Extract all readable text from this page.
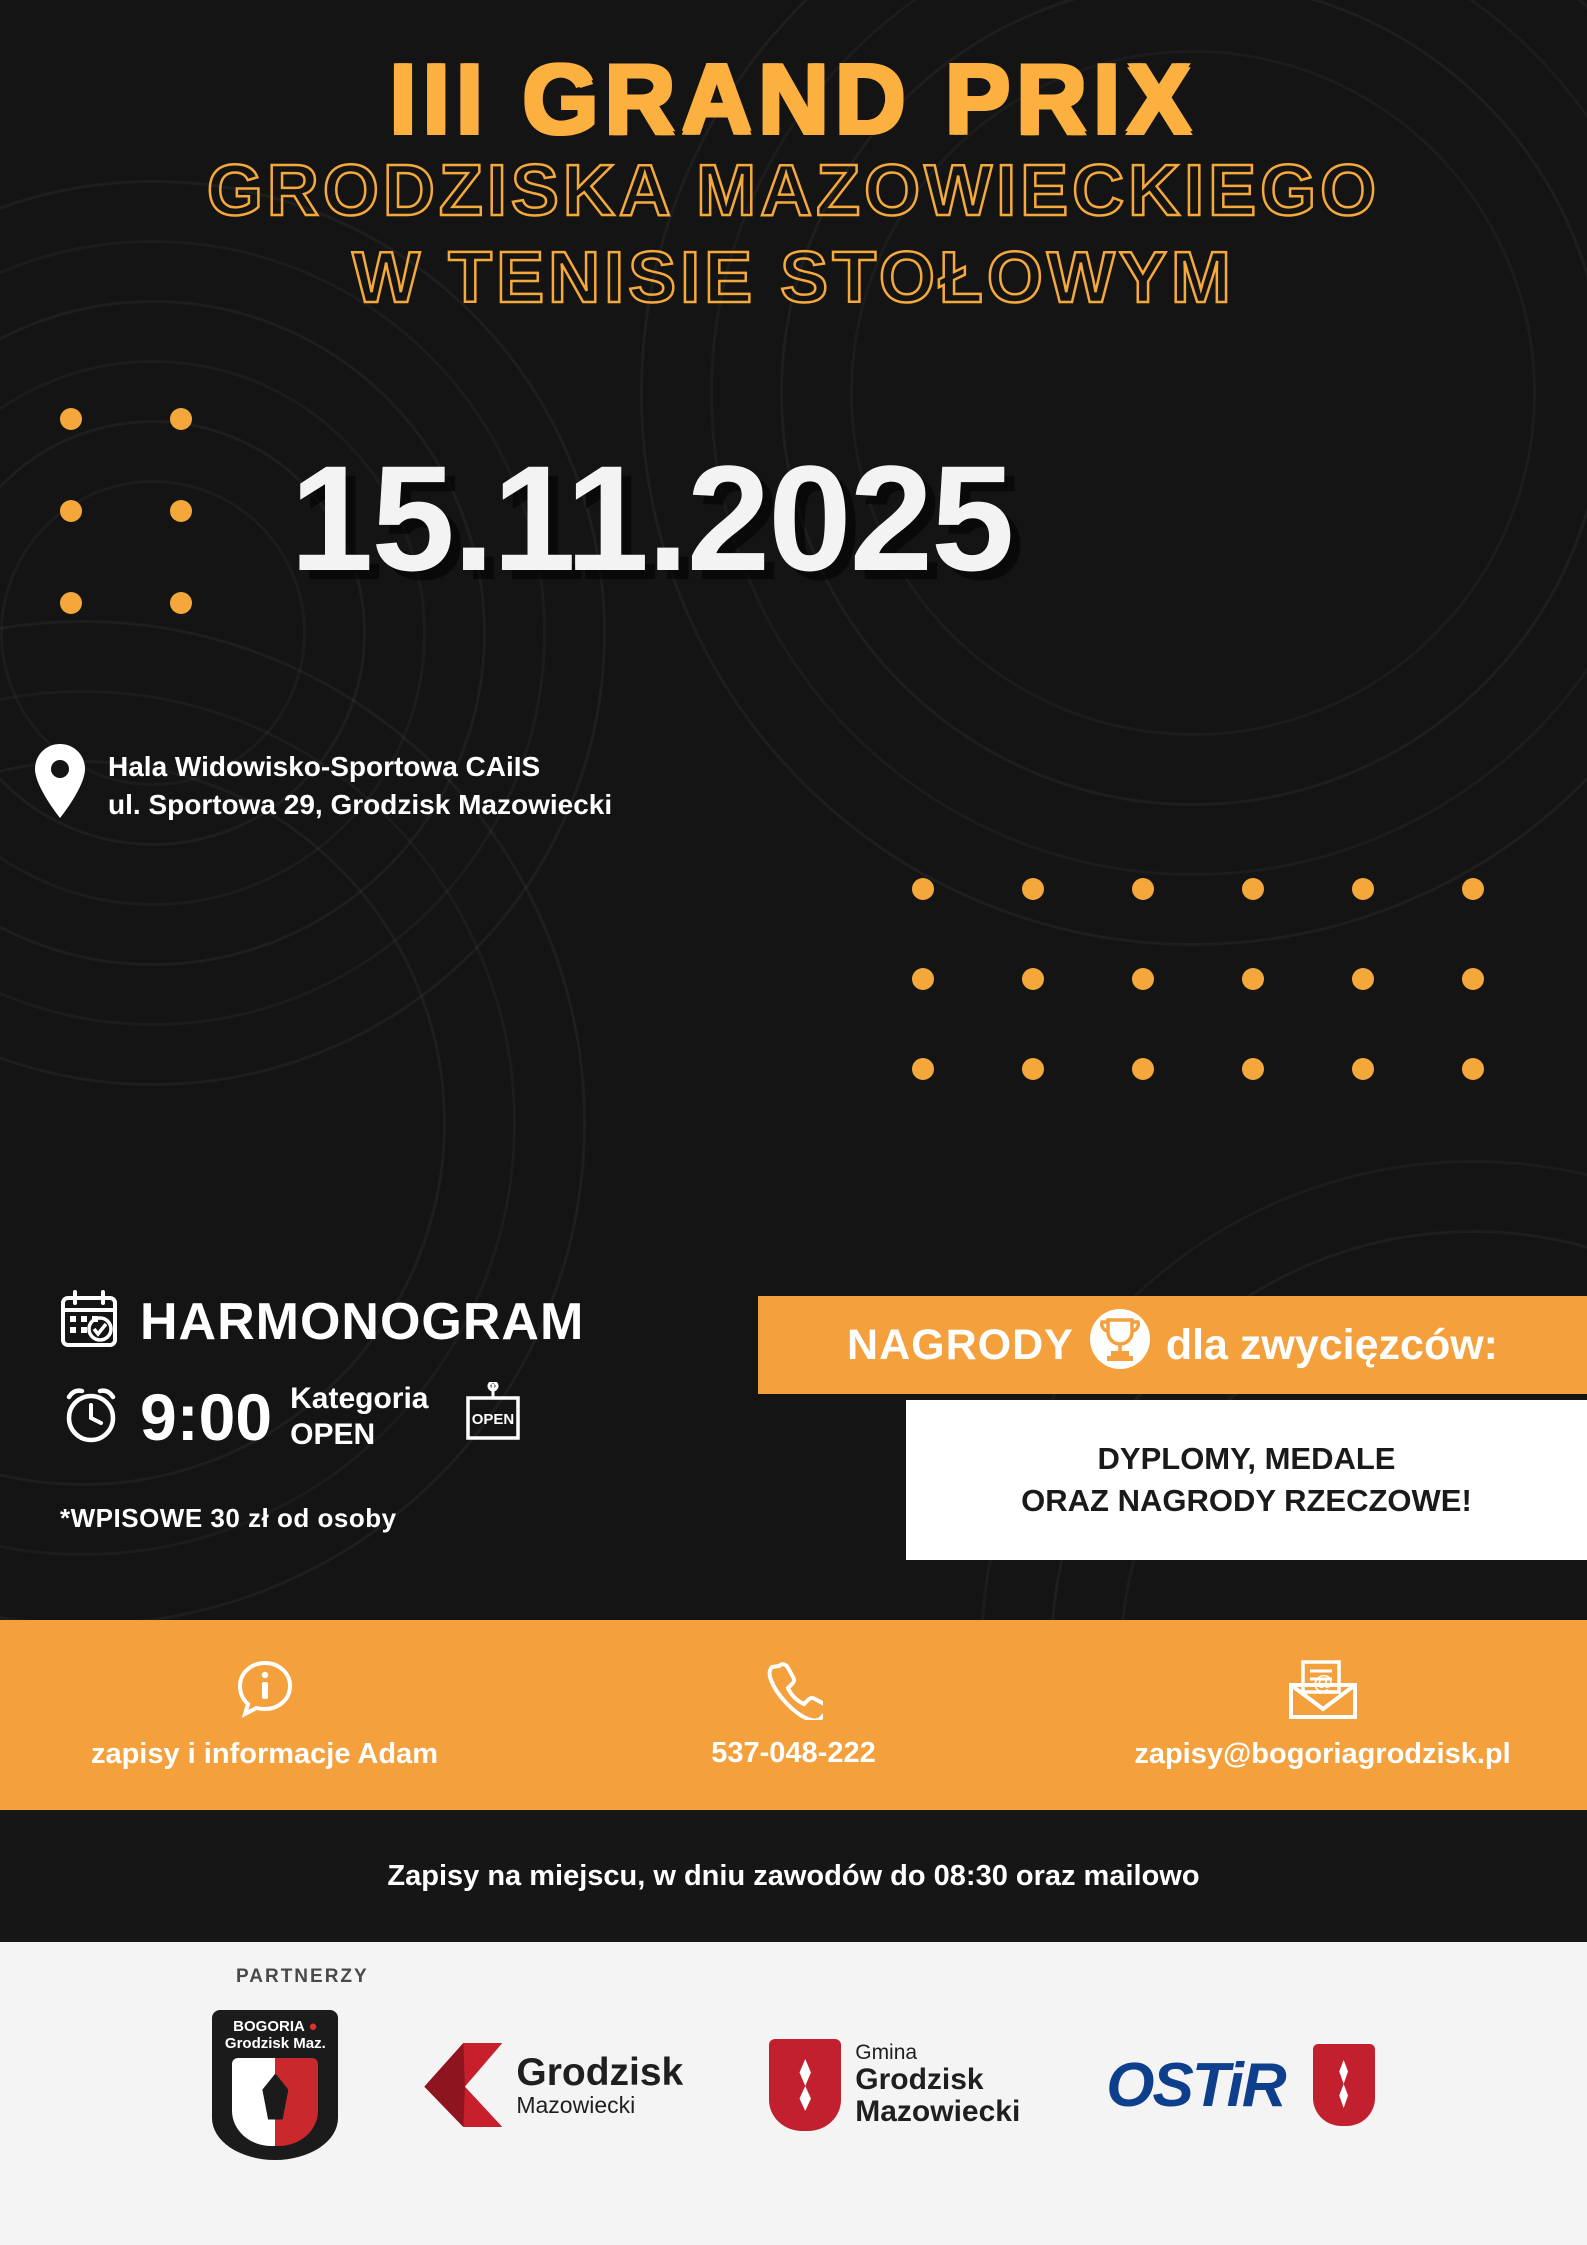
III GRAND PRIX
GRODZISKA MAZOWIECKIEGO
W TENISIE STOŁOWYM
15.11.2025
Hala Widowisko-Sportowa CAiIS
ul. Sportowa 29, Grodzisk Mazowiecki
HARMONOGRAM
9:00 Kategoria
OPEN	OPEN
*WPISOWE 30 zł od osoby
NAGRODY dla zwycięzców:
DYPLOMY, MEDALE
ORAZ NAGRODY RZECZOWE!
zapisy i informacje Adam	537-048-222
@
zapisy@bogoriagrodzisk.pl
Zapisy na miejscu, w dniu zawodów do 08:30 oraz mailowo
PARTNERZY
BOGORIA ●
Grodzisk Maz.
Grodzisk
Mazowiecki
Gmina
Grodzisk
Mazowiecki OSTiR
